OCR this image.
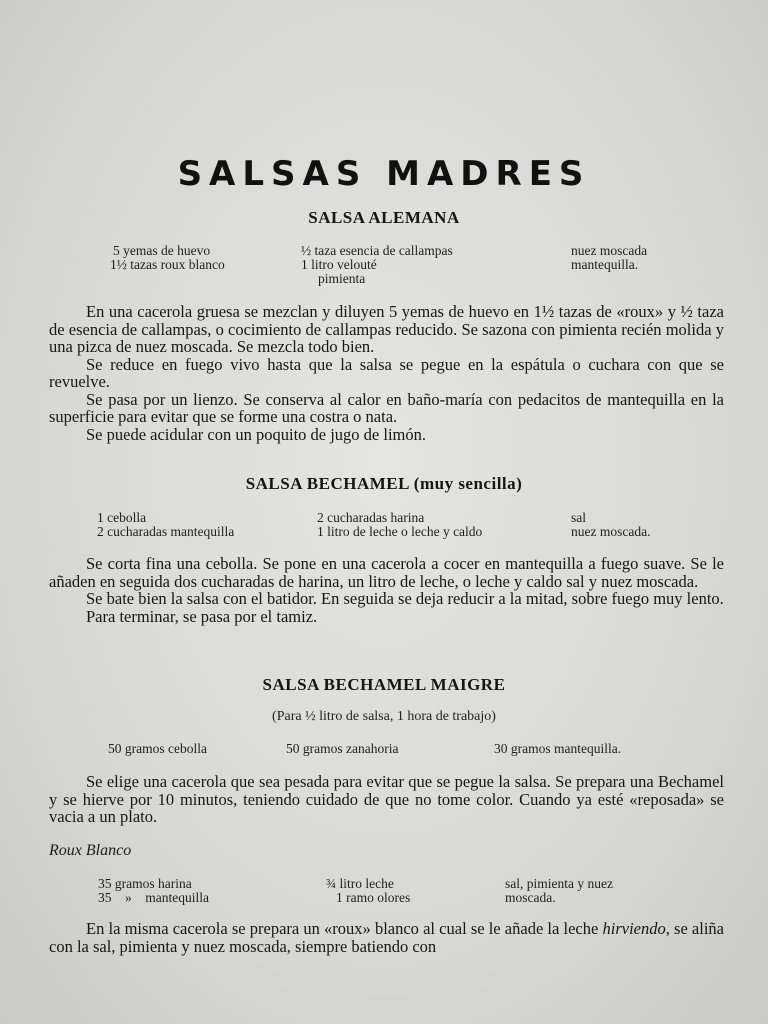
SALSAS MADRES
SALSA ALEMANA
5 yemas de huevo
1½ tazas roux blanco
½ taza esencia de callampas
1 litro velouté
pimienta
nuez moscada
mantequilla.

En una cacerola gruesa se mezclan y diluyen 5 yemas de huevo en 1½ tazas de «roux» y ½ taza de esencia de callampas, o cocimiento de callampas reducido. Se sazona con pimienta recién molida y una pizca de nuez moscada. Se mezcla todo bien.

Se reduce en fuego vivo hasta que la salsa se pegue en la espátula o cuchara con que se revuelve.

Se pasa por un lienzo. Se conserva al calor en baño-maría con pedacitos de mantequilla en la superficie para evitar que se forme una costra o nata.

Se puede acidular con un poquito de jugo de limón.

SALSA BECHAMEL (muy sencilla)
1 cebolla
2 cucharadas mantequilla
2 cucharadas harina
1 litro de leche o leche y caldo
sal
nuez moscada.

Se corta fina una cebolla. Se pone en una cacerola a cocer en mantequilla a fuego suave. Se le añaden en seguida dos cucharadas de harina, un litro de leche, o leche y caldo sal y nuez moscada.

Se bate bien la salsa con el batidor. En seguida se deja reducir a la mitad, sobre fuego muy lento.

Para terminar, se pasa por el tamiz.

SALSA BECHAMEL MAIGRE
(Para ½ litro de salsa, 1 hora de trabajo)
50 gramos cebolla	50 gramos zanahoria	30 gramos mantequilla.

Se elige una cacerola que sea pesada para evitar que se pegue la salsa. Se prepara una Bechamel y se hierve por 10 minutos, teniendo cuidado de que no tome color. Cuando ya esté «reposada» se vacia a un plato.

Roux Blanco
35 gramos harina
35    »    mantequilla
¾ litro leche
1 ramo olores
sal, pimienta y nuez
moscada.

En la misma cacerola se prepara un «roux» blanco al cual se le añade la leche hirviendo, se aliña con la sal, pimienta y nuez moscada, siempre batiendo con
